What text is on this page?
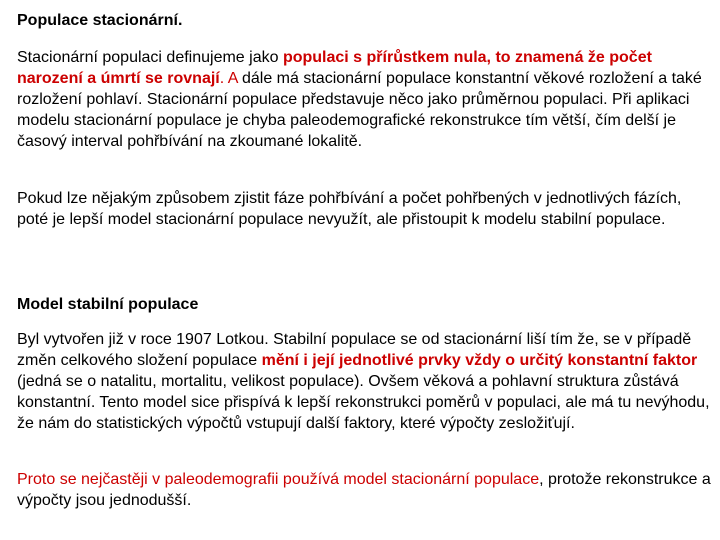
Populace stacionární.

Stacionární populaci definujeme jako populaci s přírůstkem nula, to znamená že počet narození a úmrtí se rovnají. A dále má stacionární populace konstantní věkové rozložení a také rozložení pohlaví. Stacionární populace představuje něco jako průměrnou populaci. Při aplikaci modelu stacionární populace je chyba paleodemografické rekonstrukce tím větší, čím delší je časový interval pohřbívání na zkoumané lokalitě.

Pokud lze nějakým způsobem zjistit fáze pohřbívání a počet pohřbených v jednotlivých fázích, poté je lepší model stacionární populace nevyužít, ale přistoupit k modelu stabilní populace.

Model stabilní populace

Byl vytvořen již v roce 1907 Lotkou. Stabilní populace se od stacionární liší tím že, se v případě změn celkového složení populace mění i její jednotlivé prvky vždy o určitý konstantní faktor (jedná se o natalitu, mortalitu, velikost populace). Ovšem věková a pohlavní struktura zůstává konstantní. Tento model sice přispívá k lepší rekonstrukci poměrů v populaci, ale má tu nevýhodu, že nám do statistických výpočtů vstupují další faktory, které výpočty zesložiťují.

Proto se nejčastěji v paleodemografii používá model stacionární populace, protože rekonstrukce a výpočty jsou jednodušší.
